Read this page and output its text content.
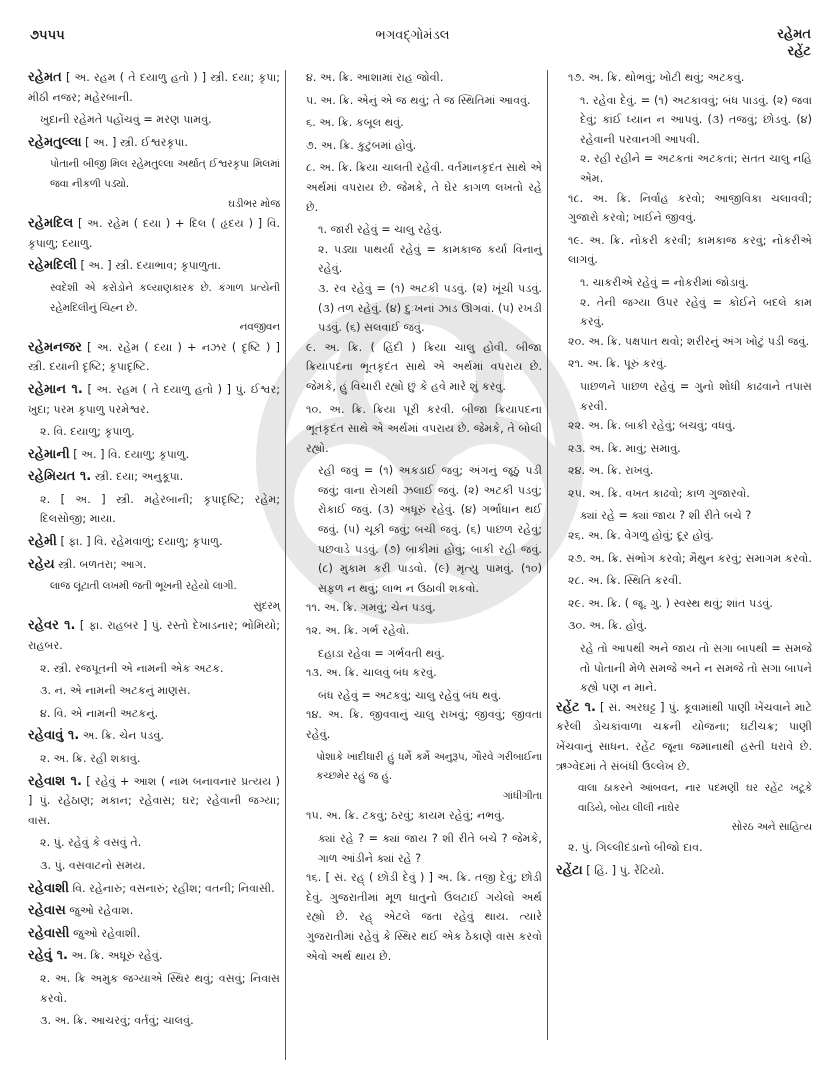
૭૫૫૫	ભગવદ્ગોમંડલ	રહેમત
રહેંટ

રહેમત [ અ. રહમ ( તે દયાળુ હતો ) ] સ્ત્રી. દયા; કૃપા; મીઠી નજર; મહેરબાની.

ખુદાની રહેમતે પહોંચવું = મરણ પામવું.

રહેમતુલ્લા [ અ. ] સ્ત્રી. ઈશ્વરકૃપા.

પોતાની બીજી મિલ રહેમતુલ્લા અર્થાત્ ઈશ્વરકૃપા મિલમાં જવા નીકળી પડ્યો.
ઘડીભર મોજ

રહેમદિલ [ અ. રહેમ ( દયા ) + દિલ ( હૃદય ) ] વિ. કૃપાળુ; દયાળુ.

રહેમદિલી [ અ. ] સ્ત્રી. દયાભાવ; કૃપાળુતા.

સ્વદેશી એ કરોડોને કલ્યાણકારક છે. કંગાળ પ્રત્યેની રહેમદિલીનું ચિહ્ન છે.
નવજીવન

રહેમનજર [ અ. રહેમ ( દયા ) + નઝર ( દૃષ્ટિ ) ] સ્ત્રી. દયાની દૃષ્ટિ; કૃપાદૃષ્ટિ.

રહેમાન ૧. [ અ. રહમ ( તે દયાળુ હતો ) ] પું. ઈશ્વર; ખુદા; પરમ કૃપાળુ પરમેશ્વર.

૨. વિ. દયાળુ; કૃપાળુ.

રહેમાની [ અ. ] વિ. દયાળુ; કૃપાળુ.

રહેમિયત ૧. સ્ત્રી. દયા; અનુકૂપા.

૨. [ અ. ] સ્ત્રી. મહેરબાની; કૃપાદૃષ્ટિ; રહેમ; દિલસોજી; માયા.

રહેમી [ ફા. ] વિ. રહેમવાળું; દયાળુ; કૃપાળુ.

રહેય સ્ત્રી. બળતરા; આગ.

લાજ લૂંટાતી લખમી જતી ભૂખની રહેયો લાગી.
સુંદરમ્

રહેવર ૧. [ ફા. રાહબર ] પું. રસ્તો દેખાડનાર; ભોમિયો; રાહબર.

૨. સ્ત્રી. રજપૂતની એ નામની એક અટક.

૩. ન. એ નામની અટકનું માણસ.

૪. વિ. એ નામની અટકનું.

રહેવાવું ૧. અ. ક્રિ. ચેન પડવું.

૨. અ. ક્રિ. રહી શકાવું.

રહેવાશ ૧. [ રહેવું + આશ ( નામ બનાવનાર પ્રત્યય ) ] પું. રહેઠાણ; મકાન; રહેવાસ; ઘર; રહેવાની જગ્યા; વાસ.

૨. પું. રહેવું કે વસવું તે.

૩. પું. વસવાટનો સમય.

રહેવાશી વિ. રહેનારું; વસનારું; રહીશ; વતની; નિવાસી.

રહેવાસ જુઓ રહેવાશ.

રહેવાસી જુઓ રહેવાશી.

રહેવું ૧. અ. ક્રિ. અધૂરું રહેવું.

૨. અ. ક્રિ અમુક જગ્યાએ સ્થિર થવું; વસવું; નિવાસ કરવો.

૩. અ. ક્રિ. આચરવું; વર્તવું; ચાલવું.

૪. અ. ક્રિ. આશામાં રાહ જોવી.

૫. અ. ક્રિ. એનું એ જ થવું; તે જ સ્થિતિમાં આવવું.

૬. અ. ક્રિ. કબૂલ થવું.

૭. અ. ક્રિ. કુટુંબમાં હોવું.

૮. અ. ક્રિ. ક્રિયા ચાલતી રહેવી. વર્તમાનકૃદંત સાથે એ અર્થમાં વપરાય છે. જેમકે, તે ઘેર કાગળ લખતો રહે છે.

૧. જારી રહેવું = ચાલુ રહેવું.

૨. પડ્યા પાથર્યા રહેવું = કામકાજ કર્યા વિનાનું રહેવું.

૩. રવ રહેવું = (૧) અટકી પડવું. (૨) ખૂંચી પડવું. (૩) તળ રહેવું. (૪) દુઃખનાં ઝાડ ઊગવાં. (૫) રખડી પડવું. (૬) સલવાઈ જવું.

૯. અ. ક્રિ. ( હિંદી ) ક્રિયા ચાલુ હોવી. બીજા ક્રિયાપદના ભૂતકૃદંત સાથે એ અર્થમાં વપરાય છે. જેમકે, હું વિચારી રહ્યો છું કે હવે મારે શું કરવું.

૧૦. અ. ક્રિ. ક્રિયા પૂરી કરવી. બીજા ક્રિયાપદના ભૂતકૃદંત સાથે એ અર્થમાં વપરાય છે. જેમકે, તે બોલી રહ્યો.

રહી જવું = (૧) અકડાઈ જવું; અંગનું જૂઠું પડી જવું; વાના રોગથી ઝલાઈ જવું. (૨) અટકી પડવું; રોકાઈ જવું. (૩) અધૂરું રહેવું. (૪) ગર્ભાધાન થઈ જવું. (૫) ચૂકી જવું; બચી જવું. (૬) પાછળ રહેવું; પછવાડે પડવું. (૭) બાકીમાં હોવું; બાકી રહી જવું. (૮) મુકામ કરી પાડવો. (૯) મૃત્યુ પામવું. (૧૦) સફળ ન થવું; લાભ ન ઉઠાવી શકવો.

૧૧. અ. ક્રિ. ગમવું; ચેન પડવું.

૧૨. અ. ક્રિ. ગર્ભ રહેવો.

દહાડા રહેવા = ગર્ભવતી થવું.

૧૩. અ. ક્રિ. ચાલવું બંધ કરવું.

બંધ રહેવું = અટકવું; ચાલુ રહેવું બંધ થવું.

૧૪. અ. ક્રિ. જીવવાનું ચાલુ રાખવું; જીવવું; જીવતા રહેવું.

પોશાકે ખાદીધારી હું ધર્મે કર્મે અનુરૂપ, ગૌરવે ગરીબાઈના કચ્છમેર રહું જ હું.
ગાંધીગીતા

૧૫. અ. ક્રિ. ટકવું; ઠરવું; કાયમ રહેવું; નભવું.

ક્યાં રહે ? = ક્યાં જાય ? શી રીતે બચે ? જેમકે, ગાળ આંડીને ક્યાં રહે ?

૧૬. [ સં. રહ્ ( છોડી દેવું ) ] અ. ક્રિ. તજી દેવું; છોડી દેવું. ગુજરાતીમાં મૂળ ધાતુનો ઉલટાઈ ગયેલો અર્થ રહ્યો છે. રહ્ એટલે જતા રહેવું થાય. ત્યારે ગુજરાતીમાં રહેવું કે સ્થિર થઈ એક ઠેકાણે વાસ કરવો એવો અર્થ થાય છે.

૧૭. અ. ક્રિ. થોભવું; ખોટી થવું; અટકવું.

૧. રહેવા દેવું. = (૧) અટકાવવું; બંધ પાડવું. (૨) જવા દેવું; કાંઈ ધ્યાન ન આપવું. (૩) તજવું; છોડવું. (૪) રહેવાની પરવાનગી આપવી.

૨. રહી રહીને = અટકતાં અટકતાં; સતત ચાલુ નહિ એમ.

૧૮. અ. ક્રિ. નિર્વાહ કરવો; આજીવિકા ચલાવવી; ગુજારો કરવો; ખાઈને જીવવું.

૧૯. અ. ક્રિ. નોકરી કરવી; કામકાજ કરવું; નોકરીએ લાગવું.

૧. ચાકરીએ રહેવું = નોકરીમાં જોડાવું.

૨. તેની જગ્યા ઉપર રહેવું = કોઈને બદલે કામ કરવું.

૨૦. અ. ક્રિ. પક્ષપાત થવો; શરીરનું અંગ ખોટું પડી જવું.

૨૧. અ. ક્રિ. પૂરું કરવું.

પાછળને પાછળ રહેવું = ગુનો શોધી કાઢવાને તપાસ કરવી.

૨૨. અ. ક્રિ. બાકી રહેવું; બચવું; વધવું.

૨૩. અ. ક્રિ. માવું; સમાવું.

૨૪. અ. ક્રિ. રાખવું.

૨૫. અ. ક્રિ. વખત કાઢવો; કાળ ગુજારવો.

ક્યાં રહે = ક્યાં જાય ? શી રીતે બચે ?

૨૬. અ. ક્રિ. વેગળું હોવું; દૂર હોવું.

૨૭. અ. ક્રિ. સંભોગ કરવો; મૈથુન કરવું; સમાગમ કરવો.

૨૮. અ. ક્રિ. સ્થિતિ કરવી.

૨૯. અ. ક્રિ. ( જૂ. ગુ. ) સ્વસ્થ થવું; શાંત પડવું.

૩૦. અ. ક્રિ. હોવું.

રહે તો આપથી અને જાય તો સગા બાપથી = સમજે તો પોતાની મેળે સમજે અને ન સમજે તો સગા બાપને કહ્યે પણ ન માને.

રહેંટ ૧. [ સં. અરઘટ્ટ ] પું. કૂવામાંથી પાણી ખેંચવાને માટે કરેલી ડોચકાંવાળા ચક્રની યોજના; ઘટીચક્ર; પાણી ખેંચવાનું સાધન. રહેંટ જૂના જમાનાથી હસ્તી ધરાવે છે. ઋગ્વેદમાં તે સંબંધી ઉલ્લેખ છે.

વાલા ઠાકરને આંબવન, નાર પદમણી ઘર રહેંટ ખટૂકે વાડિયે, બોય લીલી નાઘેર
સોરઠ અને સાહિત્ય

૨. પું. ગિલ્લીદંડાનો બીજો દાવ.

રહેંટા [ હિં. ] પું. રેંટિયો.
